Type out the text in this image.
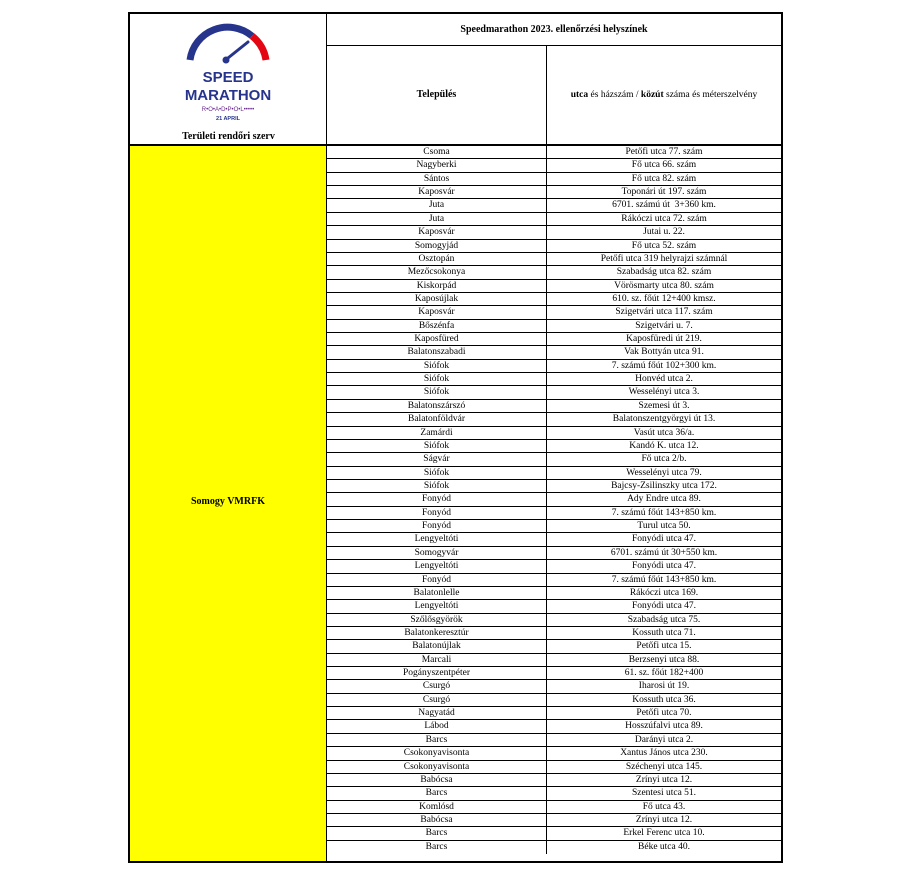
SPEED
MARATHON
R•O•A•D•P•O•L•••••
21 APRIL
Területi rendőri szerv
Speedmarathon 2023. ellenőrzési helyszínek
Település	utca és házszám / közút száma és méterszelvény
Somogy VMRFK
Csoma	Petőfi utca 77. szám
Nagyberki	Fő utca 66. szám
Sántos	Fő utca 82. szám
Kaposvár	Toponári út 197. szám
Juta	6701. számú út  3+360 km.
Juta	Rákóczi utca 72. szám
Kaposvár	Jutai u. 22.
Somogyjád	Fő utca 52. szám
Osztopán	Petőfi utca 319 helyrajzi számnál
Mezőcsokonya	Szabadság utca 82. szám
Kiskorpád	Vörösmarty utca 80. szám
Kaposújlak	610. sz. főút 12+400 kmsz.
Kaposvár	Szigetvári utca 117. szám
Bőszénfa	Szigetvári u. 7.
Kaposfüred	Kaposfüredi út 219.
Balatonszabadi	Vak Bottyán utca 91.
Siófok	7. számú főút 102+300 km.
Siófok	Honvéd utca 2.
Siófok	Wesselényi utca 3.
Balatonszárszó	Szemesi út 3.
Balatonföldvár	Balatonszentgyörgyi út 13.
Zamárdi	Vasút utca 36/a.
Siófok	Kandó K. utca 12.
Ságvár	Fő utca 2/b.
Siófok	Wesselényi utca 79.
Siófok	Bajcsy-Zsilinszky utca 172.
Fonyód	Ady Endre utca 89.
Fonyód	7. számú főút 143+850 km.
Fonyód	Turul utca 50.
Lengyeltóti	Fonyódi utca 47.
Somogyvár	6701. számú út 30+550 km.
Lengyeltóti	Fonyódi utca 47.
Fonyód	7. számú főút 143+850 km.
Balatonlelle	Rákóczi utca 169.
Lengyeltóti	Fonyódi utca 47.
Szőlősgyörök	Szabadság utca 75.
Balatonkeresztúr	Kossuth utca 71.
Balatonújlak	Petőfi utca 15.
Marcali	Berzsenyi utca 88.
Pogányszentpéter	61. sz. főút 182+400
Csurgó	Iharosi út 19.
Csurgó	Kossuth utca 36.
Nagyatád	Petőfi utca 70.
Lábod	Hosszúfalvi utca 89.
Barcs	Darányi utca 2.
Csokonyavisonta	Xantus János utca 230.
Csokonyavisonta	Széchenyi utca 145.
Babócsa	Zrínyi utca 12.
Barcs	Szentesi utca 51.
Komlósd	Fő utca 43.
Babócsa	Zrínyi utca 12.
Barcs	Erkel Ferenc utca 10.
Barcs	Béke utca 40.
